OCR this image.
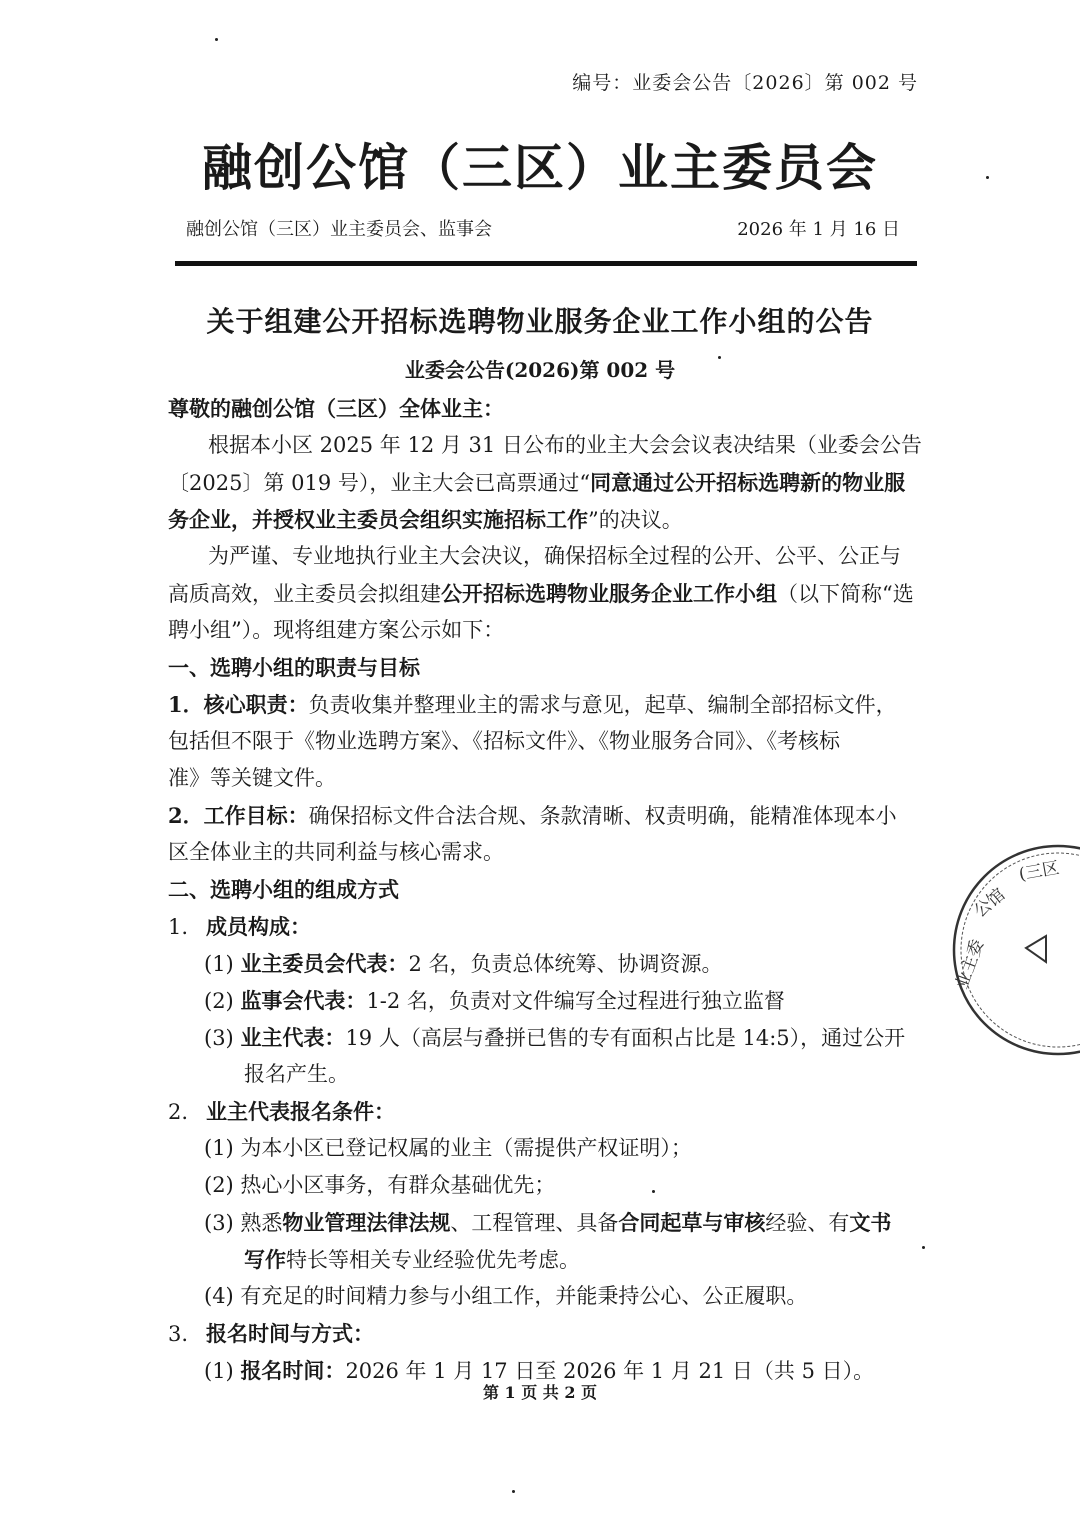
编号：业委会公告〔2026〕第 002 号
融创公馆（三区）业主委员会
融创公馆（三区）业主委员会、监事会	2026 年 1 月 16 日
关于组建公开招标选聘物业服务企业工作小组的公告
业委会公告(2026)第 002 号
尊敬的融创公馆（三区）全体业主：
根据本小区 2025 年 12 月 31 日公布的业主大会会议表决结果（业委会公告
〔2025〕第 019 号），业主大会已高票通过“同意通过公开招标选聘新的物业服
务企业，并授权业主委员会组织实施招标工作”的决议。
为严谨、专业地执行业主大会决议，确保招标全过程的公开、公平、公正与
高质高效，业主委员会拟组建公开招标选聘物业服务企业工作小组（以下简称“选
聘小组”）。现将组建方案公示如下：
一、选聘小组的职责与目标
1．核心职责：负责收集并整理业主的需求与意见，起草、编制全部招标文件，
包括但不限于《物业选聘方案》、《招标文件》、《物业服务合同》、《考核标
准》等关键文件。
2．工作目标：确保招标文件合法合规、条款清晰、权责明确，能精准体现本小
区全体业主的共同利益与核心需求。
二、选聘小组的组成方式
1. 成员构成：
(1) 业主委员会代表：2 名，负责总体统筹、协调资源。
(2) 监事会代表：1-2 名，负责对文件编写全过程进行独立监督
(3) 业主代表：19 人（高层与叠拼已售的专有面积占比是 14:5），通过公开
报名产生。
2. 业主代表报名条件：
(1) 为本小区已登记权属的业主（需提供产权证明）；
(2) 热心小区事务，有群众基础优先；
(3) 熟悉物业管理法律法规、工程管理、具备合同起草与审核经验、有文书
写作特长等相关专业经验优先考虑。
(4) 有充足的时间精力参与小组工作，并能秉持公心、公正履职。
3. 报名时间与方式：
(1) 报名时间：2026 年 1 月 17 日至 2026 年 1 月 21 日（共 5 日）。
第 1 页 共 2 页
业主委
公馆
(三区
